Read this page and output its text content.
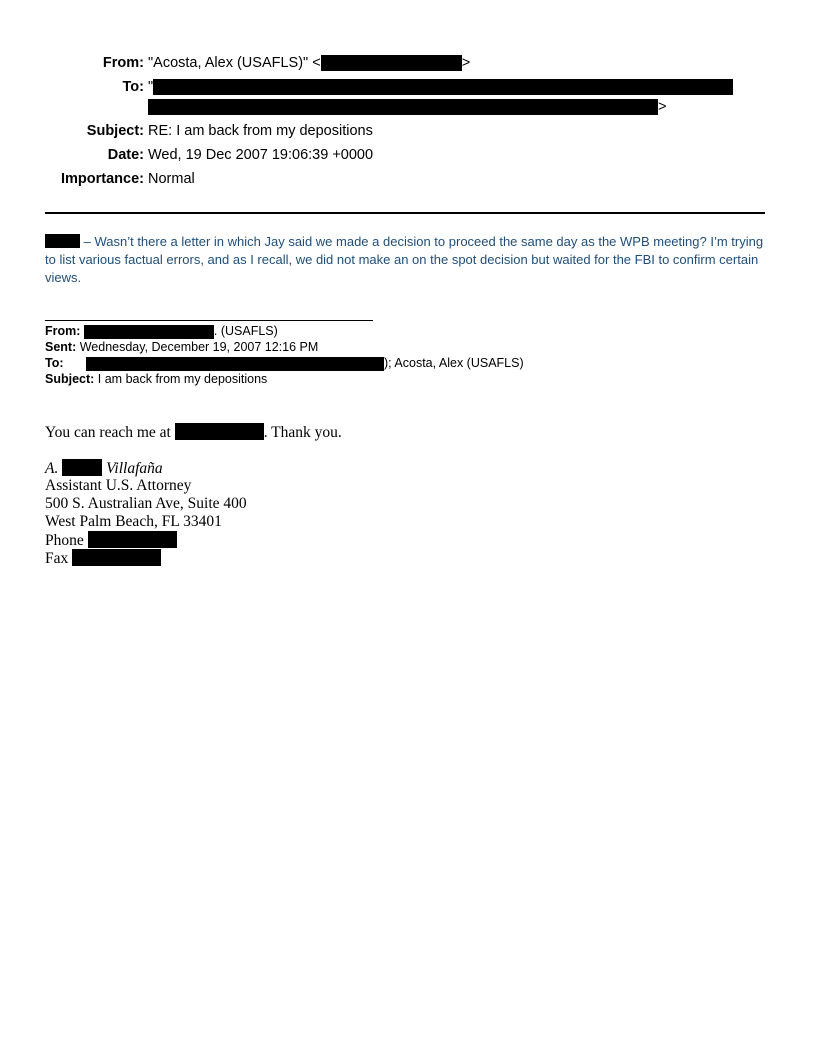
From: "Acosta, Alex (USAFLS)" <	>
To: "
>
Subject: RE: I am back from my depositions
Date: Wed, 19 Dec 2007 19:06:39 +0000
Importance: Normal
– Wasn’t there a letter in which Jay said we made a decision to proceed the same day as the WPB meeting? I’m trying to list various factual errors, and as I recall, we did not make an on the spot decision but waited for the FBI to confirm certain views.
From:	. (USAFLS)
Sent: Wednesday, December 19, 2007 12:16 PM
To:	); Acosta, Alex (USAFLS)
Subject: I am back from my depositions
You can reach me at	. Thank you.
A.	Villafaña
Assistant U.S. Attorney
500 S. Australian Ave, Suite 400
West Palm Beach, FL 33401
Phone
Fax
